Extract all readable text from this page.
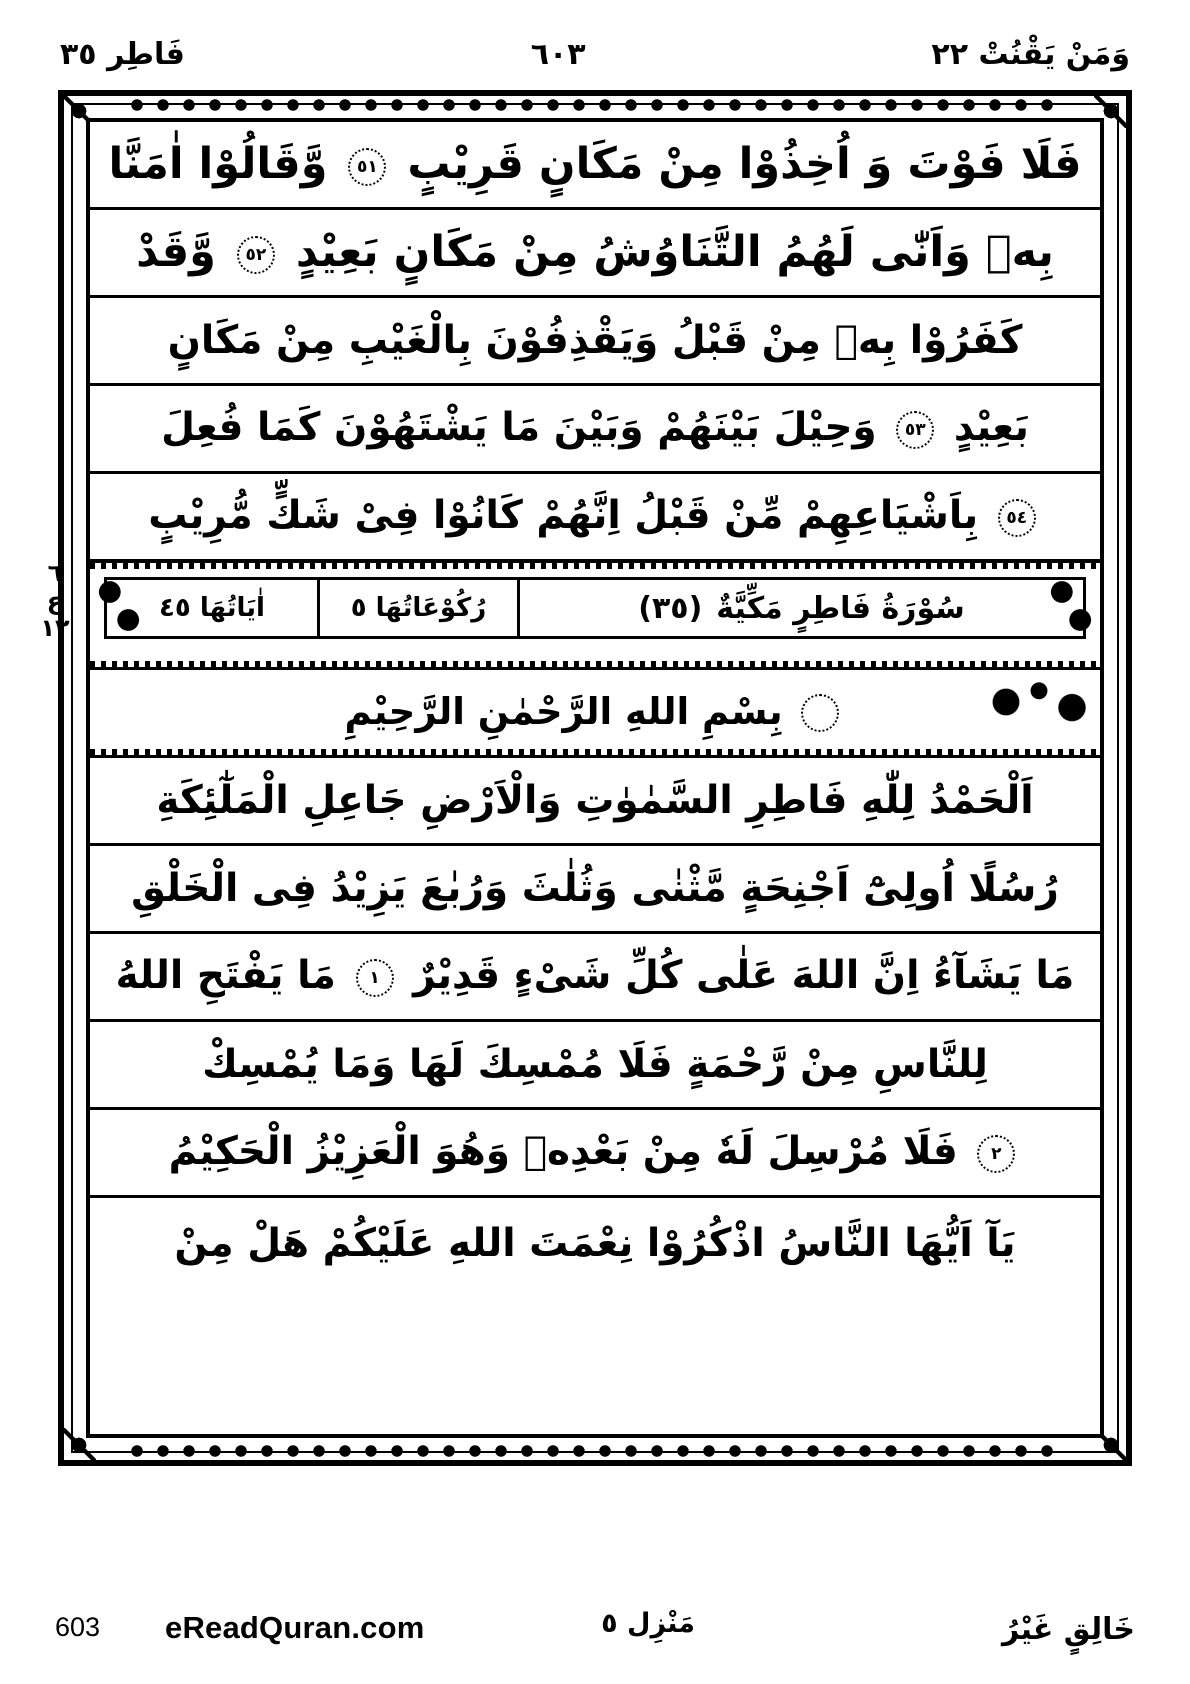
وَمَنْ يَقْنُتْ ٢٢
٦٠٣
فَاطِر ٣٥
٦
ع
١٢
فَلَا فَوْتَ وَ اُخِذُوْا مِنْ مَكَانٍ قَرِيْبٍ ٥١ وَّقَالُوْا اٰمَنَّا
بِهٖ وَاَنّٰى لَهُمُ التَّنَاوُشُ مِنْ مَكَانٍ بَعِيْدٍ ٥٢ وَّقَدْ
كَفَرُوْا بِهٖ مِنْ قَبْلُ وَيَقْذِفُوْنَ بِالْغَيْبِ مِنْ مَكَانٍ
بَعِيْدٍ ٥٣ وَحِيْلَ بَيْنَهُمْ وَبَيْنَ مَا يَشْتَهُوْنَ كَمَا فُعِلَ
٥٤ بِاَشْيَاعِهِمْ مِّنْ قَبْلُ اِنَّهُمْ كَانُوْا فِىْ شَكٍّ مُّرِيْبٍ
سُوْرَةُ فَاطِرٍ مَكِّيَّةٌ
(٣٥)
رُكُوْعَاتُهَا ٥
اٰيَاتُهَا ٤٥
بِسْمِ اللهِ الرَّحْمٰنِ الرَّحِيْمِ
اَلْحَمْدُ لِلّٰهِ فَاطِرِ السَّمٰوٰتِ وَالْاَرْضِ جَاعِلِ الْمَلٰٓئِكَةِ
رُسُلًا اُولِىْٓ اَجْنِحَةٍ مَّثْنٰى وَثُلٰثَ وَرُبٰعَ يَزِيْدُ فِى الْخَلْقِ
مَا يَشَآءُ اِنَّ اللهَ عَلٰى كُلِّ شَىْءٍ قَدِيْرٌ ١ مَا يَفْتَحِ اللهُ
لِلنَّاسِ مِنْ رَّحْمَةٍ فَلَا مُمْسِكَ لَهَا وَمَا يُمْسِكْ
٢ فَلَا مُرْسِلَ لَهٗ مِنْ بَعْدِهٖ وَهُوَ الْعَزِيْزُ الْحَكِيْمُ
يَآ اَيُّهَا النَّاسُ اذْكُرُوْا نِعْمَتَ اللهِ عَلَيْكُمْ هَلْ مِنْ
خَالِقٍ غَيْرُ
مَنْزِل ٥
eReadQuran.com
603
